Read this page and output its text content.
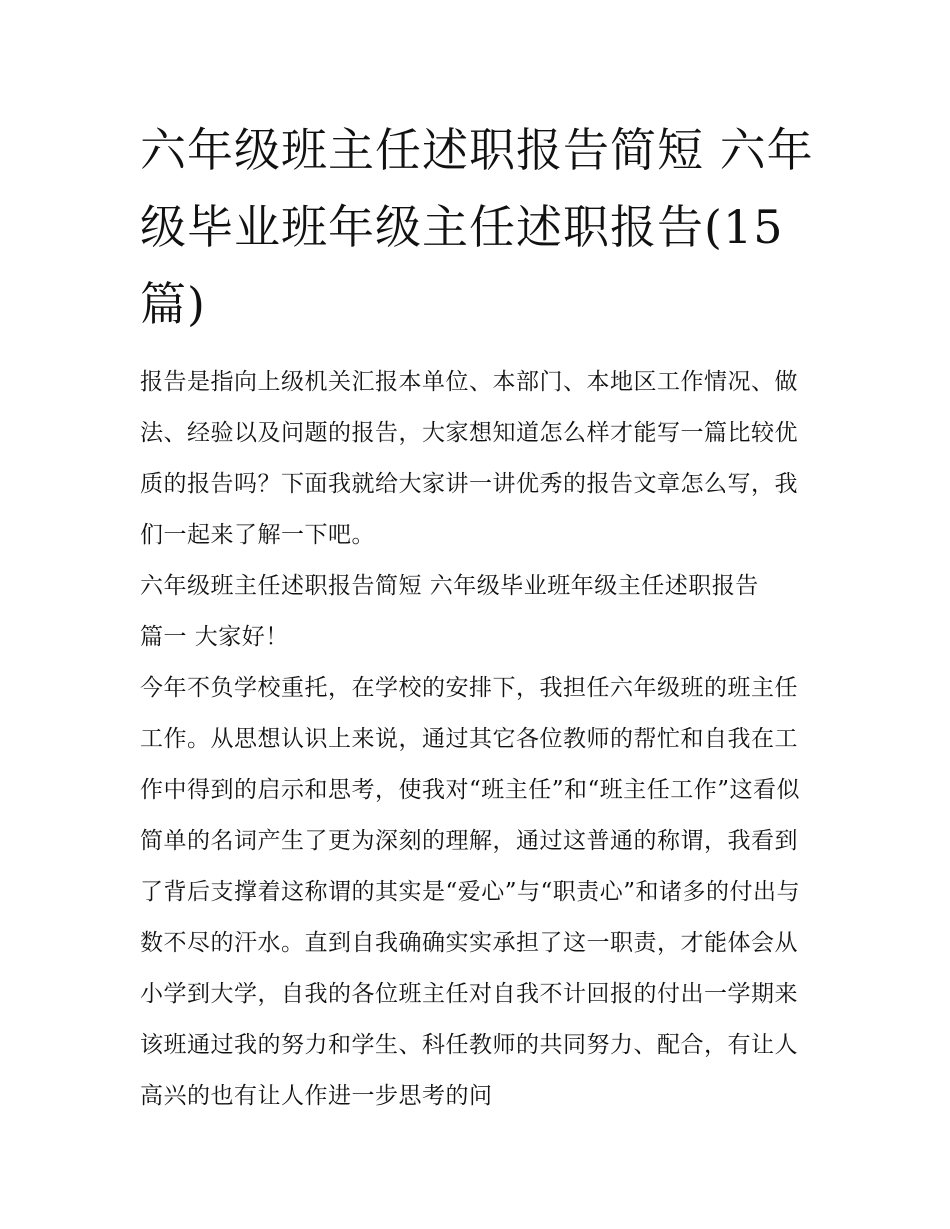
六年级班主任述职报告简短 六年级毕业班年级主任述职报告(15篇)

报告是指向上级机关汇报本单位、本部门、本地区工作情况、做法、经验以及问题的报告，大家想知道怎么样才能写一篇比较优质的报告吗？下面我就给大家讲一讲优秀的报告文章怎么写，我们一起来了解一下吧。

六年级班主任述职报告简短 六年级毕业班年级主任述职报告

篇一 大家好！

今年不负学校重托，在学校的安排下，我担任六年级班的班主任工作。从思想认识上来说，通过其它各位教师的帮忙和自我在工作中得到的启示和思考，使我对“班主任”和“班主任工作”这看似简单的名词产生了更为深刻的理解，通过这普通的称谓，我看到了背后支撑着这称谓的其实是“爱心”与“职责心”和诸多的付出与数不尽的汗水。直到自我确确实实承担了这一职责，才能体会从小学到大学，自我的各位班主任对自我不计回报的付出一学期来该班通过我的努力和学生、科任教师的共同努力、配合，有让人高兴的也有让人作进一步思考的问
